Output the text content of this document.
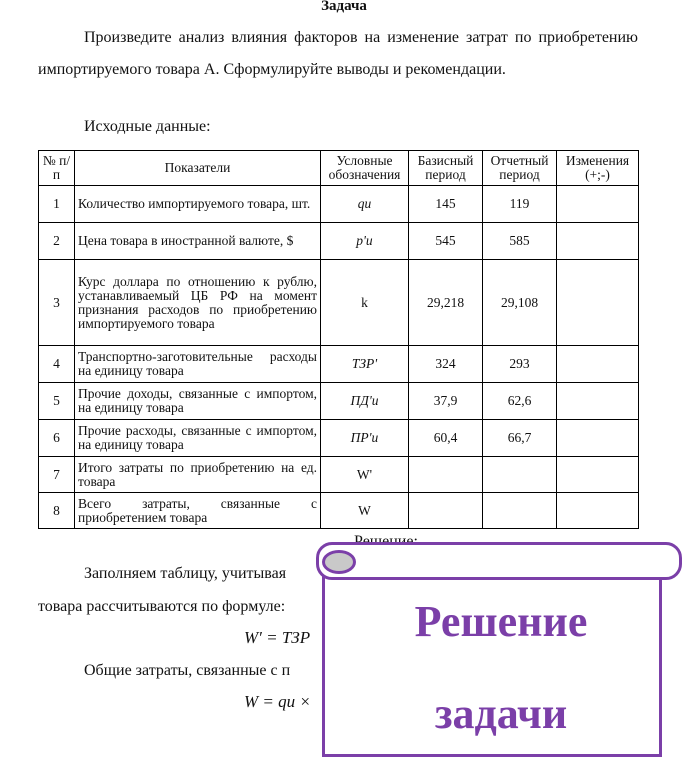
Задача
Произведите анализ влияния факторов на изменение затрат по приобретению импортируемого товара А. Сформулируйте выводы и рекомендации.
Исходные данные:
№ п/п	Показатели	Условные обозначения	Базисный период	Отчетный период	Изменения (+;-)
1	Количество импортируемого товара, шт.	qu	145	119	
2	Цена товара в иностранной валюте, $	p'u	545	585	
3	Курс доллара по отношению к рублю, устанавливаемый ЦБ РФ на момент признания расходов по приобретению импортируемого товара	k	29,218	29,108	
4	Транспортно-заготовительные расходы на единицу товара	ТЗР'	324	293	
5	Прочие доходы, связанные с импортом, на единицу товара	ПД'u	37,9	62,6	
6	Прочие расходы, связанные с импортом, на единицу товара	ПР'u	60,4	66,7	
7	Итого затраты по приобретению на ед. товара	W'			
8	Всего затраты, связанные с приобретением товара	W			
Заполняем таблицу, учитывая
товара рассчитываются по формуле:
W′ = ТЗР
Общие затраты, связанные с п
W = qu ×
Решение
задачи
